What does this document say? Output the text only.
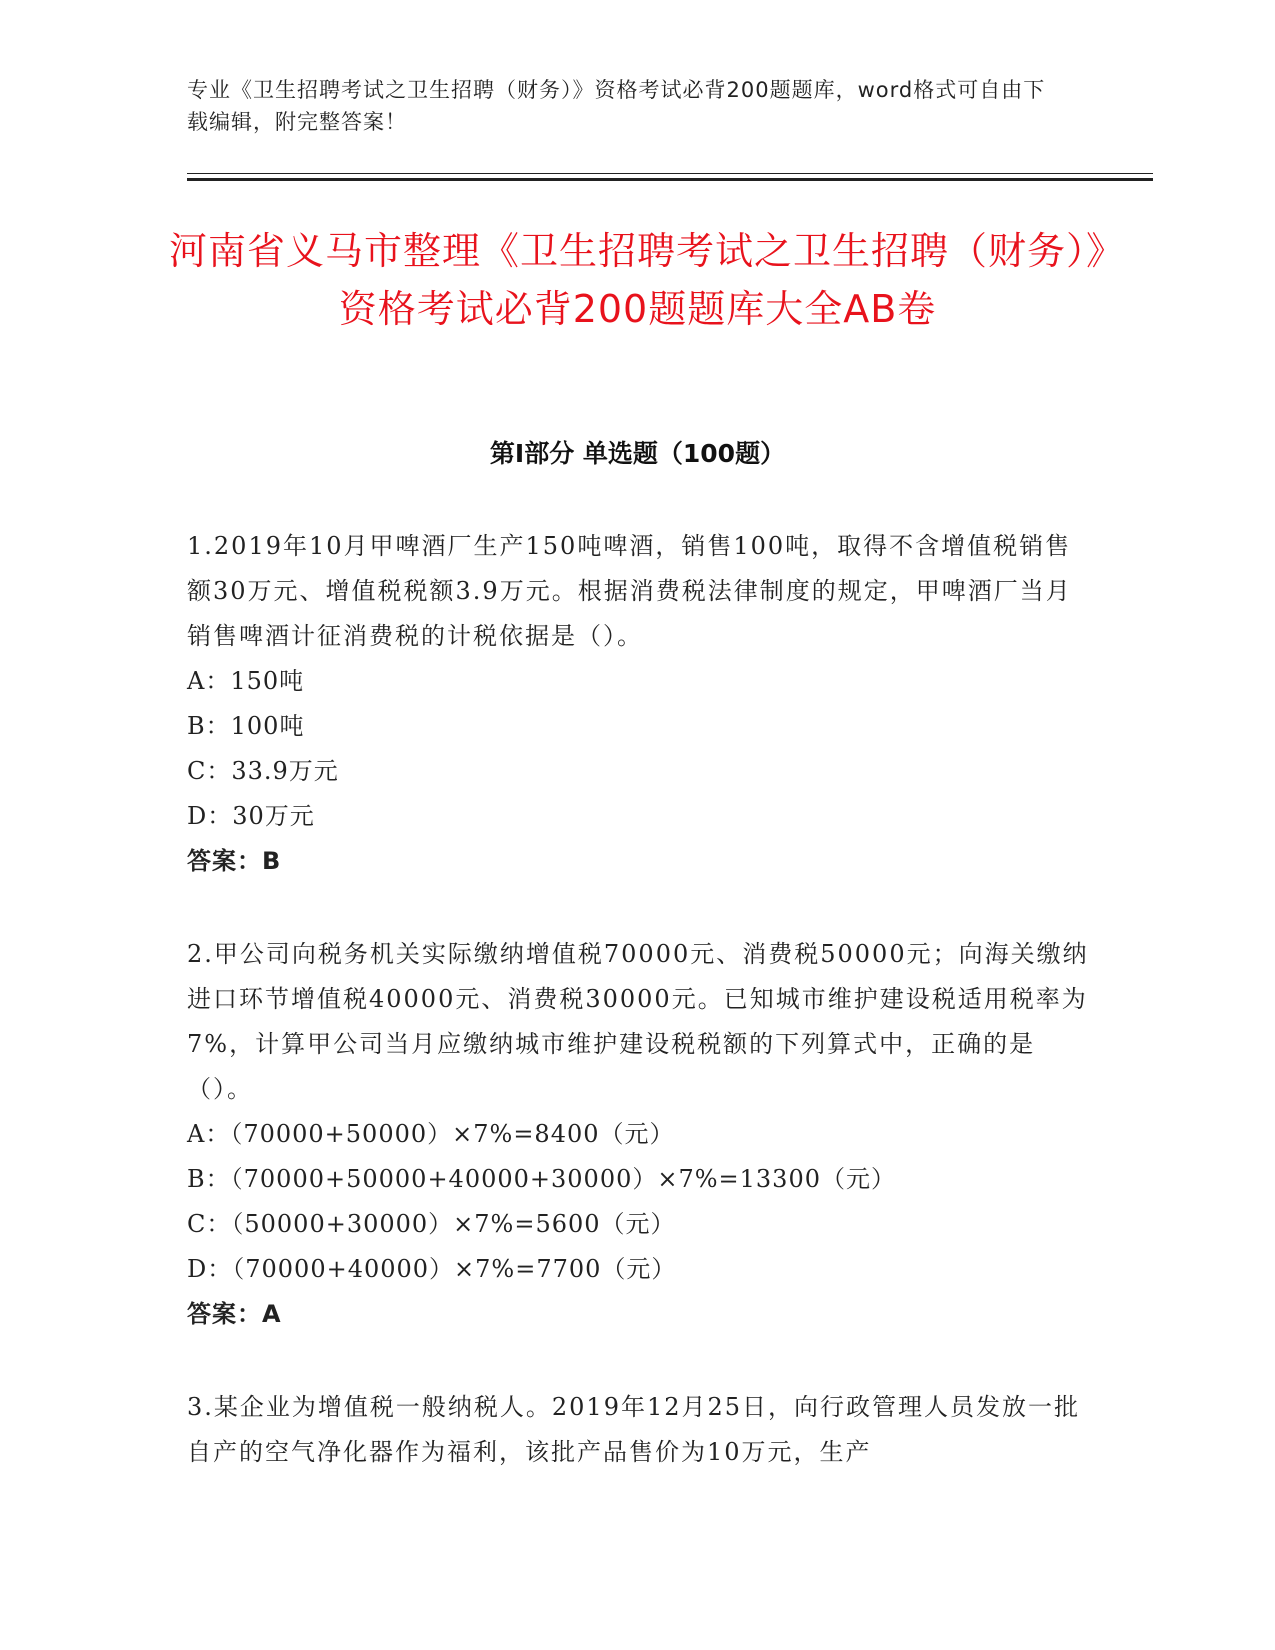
专业《卫生招聘考试之卫生招聘（财务）》资格考试必背200题题库，word格式可自由下载编辑，附完整答案！
河南省义马市整理《卫生招聘考试之卫生招聘（财务）》资格考试必背200题题库大全AB卷
第I部分 单选题（100题）
1.2019年10月甲啤酒厂生产150吨啤酒，销售100吨，取得不含增值税销售额30万元、增值税税额3.9万元。根据消费税法律制度的规定，甲啤酒厂当月销售啤酒计征消费税的计税依据是（）。
A：150吨
B：100吨
C：33.9万元
D：30万元
答案：B
2.甲公司向税务机关实际缴纳增值税70000元、消费税50000元；向海关缴纳进口环节增值税40000元、消费税30000元。已知城市维护建设税适用税率为7%，计算甲公司当月应缴纳城市维护建设税税额的下列算式中，正确的是（）。
A：（70000+50000）×7%=8400（元）
B：（70000+50000+40000+30000）×7%=13300（元）
C：（50000+30000）×7%=5600（元）
D：（70000+40000）×7%=7700（元）
答案：A
3.某企业为增值税一般纳税人。2019年12月25日，向行政管理人员发放一批自产的空气净化器作为福利，该批产品售价为10万元，生产
